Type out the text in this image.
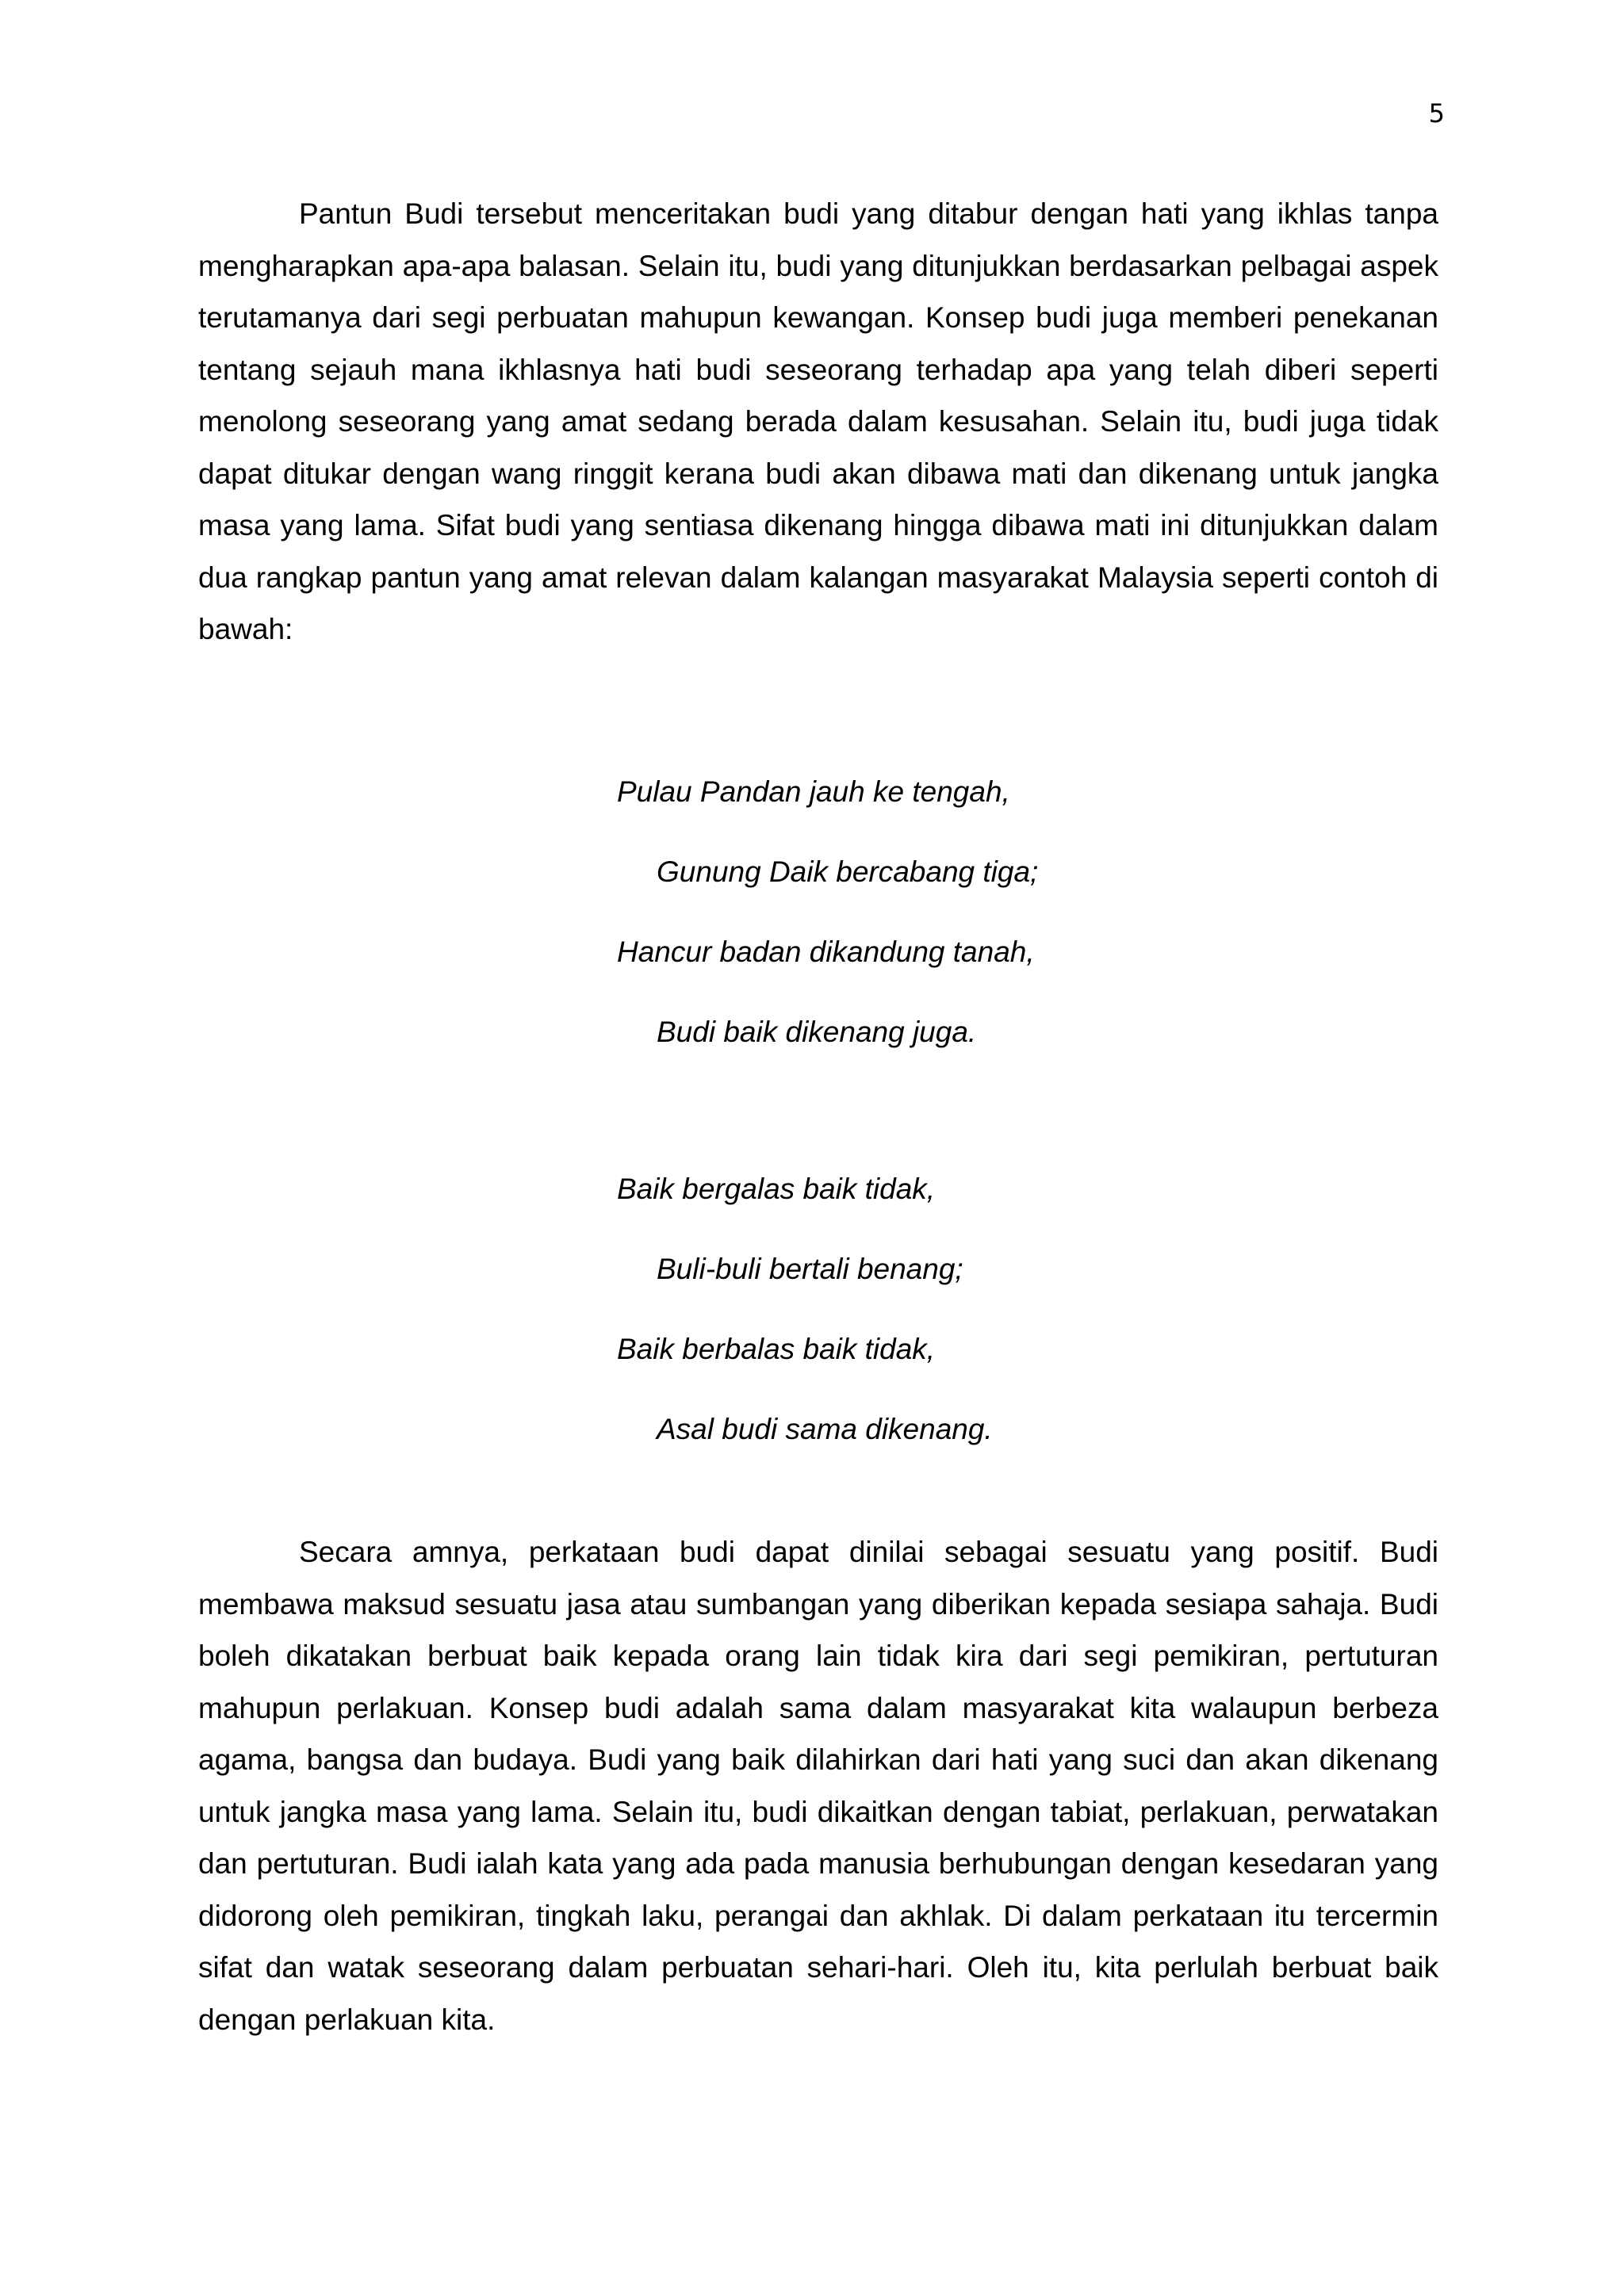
5

Pantun Budi tersebut menceritakan budi yang ditabur dengan hati yang ikhlas tanpa mengharapkan apa-apa balasan. Selain itu, budi yang ditunjukkan berdasarkan pelbagai aspek terutamanya dari segi perbuatan mahupun kewangan. Konsep budi juga memberi penekanan tentang sejauh mana ikhlasnya hati budi seseorang terhadap apa yang telah diberi seperti menolong seseorang yang amat sedang berada dalam kesusahan. Selain itu, budi juga tidak dapat ditukar dengan wang ringgit kerana budi akan dibawa mati dan dikenang untuk jangka masa yang lama. Sifat budi yang sentiasa dikenang hingga dibawa mati ini ditunjukkan dalam dua rangkap pantun yang amat relevan dalam kalangan masyarakat Malaysia seperti contoh di bawah:

Pulau Pandan jauh ke tengah,
Gunung Daik bercabang tiga;
Hancur badan dikandung tanah,
Budi baik dikenang juga.
Baik bergalas baik tidak,
Buli-buli bertali benang;
Baik berbalas baik tidak,
Asal budi sama dikenang.

Secara amnya, perkataan budi dapat dinilai sebagai sesuatu yang positif. Budi membawa maksud sesuatu jasa atau sumbangan yang diberikan kepada sesiapa sahaja. Budi boleh dikatakan berbuat baik kepada orang lain tidak kira dari segi pemikiran, pertuturan mahupun perlakuan. Konsep budi adalah sama dalam masyarakat kita walaupun berbeza agama, bangsa dan budaya. Budi yang baik dilahirkan dari hati yang suci dan akan dikenang untuk jangka masa yang lama. Selain itu, budi dikaitkan dengan tabiat, perlakuan, perwatakan dan pertuturan. Budi ialah kata yang ada pada manusia berhubungan dengan kesedaran yang didorong oleh pemikiran, tingkah laku, perangai dan akhlak. Di dalam perkataan itu tercermin sifat dan watak seseorang dalam perbuatan sehari-hari. Oleh itu, kita perlulah berbuat baik dengan perlakuan kita.
